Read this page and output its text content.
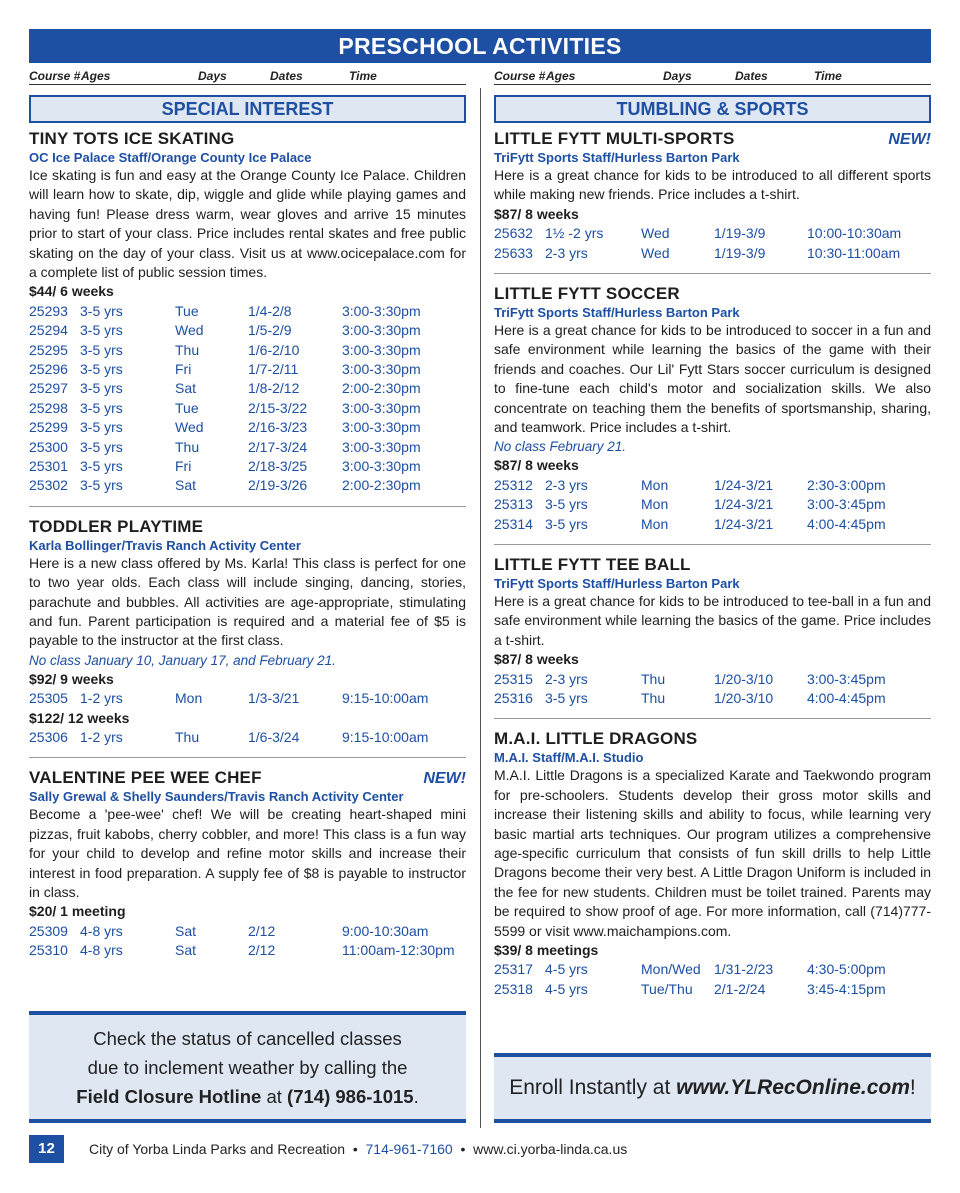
PRESCHOOL ACTIVITIES
Course # Ages	Days	Dates	Time
SPECIAL INTEREST
TINY TOTS ICE SKATING
OC Ice Palace Staff/Orange County Ice Palace
Ice skating is fun and easy at the Orange County Ice Palace. Children will learn how to skate, dip, wiggle and glide while playing games and having fun! Please dress warm, wear gloves and arrive 15 minutes prior to start of your class. Price includes rental skates and free public skating on the day of your class. Visit us at www.ocicepalace.com for a complete list of public session times.
$44/ 6 weeks
25293 3-5 yrs	Tue	1/4-2/8	3:00-3:30pm
25294 3-5 yrs	Wed	1/5-2/9	3:00-3:30pm
25295 3-5 yrs	Thu	1/6-2/10	3:00-3:30pm
25296 3-5 yrs	Fri	1/7-2/11	3:00-3:30pm
25297 3-5 yrs	Sat	1/8-2/12	2:00-2:30pm
25298 3-5 yrs	Tue	2/15-3/22 3:00-3:30pm
25299 3-5 yrs	Wed	2/16-3/23 3:00-3:30pm
25300 3-5 yrs	Thu	2/17-3/24 3:00-3:30pm
25301 3-5 yrs	Fri	2/18-3/25 3:00-3:30pm
25302 3-5 yrs	Sat	2/19-3/26 2:00-2:30pm
TODDLER PLAYTIME
Karla Bollinger/Travis Ranch Activity Center
Here is a new class offered by Ms. Karla! This class is perfect for one to two year olds. Each class will include singing, dancing, stories, parachute and bubbles. All activities are age-appropriate, stimulating and fun. Parent participation is required and a material fee of $5 is payable to the instructor at the first class.
No class January 10, January 17, and February 21.
$92/ 9 weeks
25305 1-2 yrs	Mon	1/3-3/21	9:15-10:00am
$122/ 12 weeks
25306 1-2 yrs	Thu	1/6-3/24	9:15-10:00am
VALENTINE PEE WEE CHEF	NEW!
Sally Grewal & Shelly Saunders/Travis Ranch Activity Center
Become a 'pee-wee' chef! We will be creating heart-shaped mini pizzas, fruit kabobs, cherry cobbler, and more! This class is a fun way for your child to develop and refine motor skills and increase their interest in food preparation. A supply fee of $8 is payable to instructor in class.
$20/ 1 meeting
25309 4-8 yrs	Sat	2/12	9:00-10:30am
25310 4-8 yrs	Sat	2/12	11:00am-12:30pm
Check the status of cancelled classes
due to inclement weather by calling the
Field Closure Hotline at (714) 986-1015.
Course # Ages	Days	Dates	Time
TUMBLING & SPORTS
LITTLE FYTT MULTI-SPORTS	NEW!
TriFytt Sports Staff/Hurless Barton Park
Here is a great chance for kids to be introduced to all different sports while making new friends. Price includes a t-shirt.
$87/ 8 weeks
25632 1½ -2 yrs	Wed	1/19-3/9	10:00-10:30am
25633 2-3 yrs	Wed	1/19-3/9	10:30-11:00am
LITTLE FYTT SOCCER
TriFytt Sports Staff/Hurless Barton Park
Here is a great chance for kids to be introduced to soccer in a fun and safe environment while learning the basics of the game with their friends and coaches. Our Lil' Fytt Stars soccer curriculum is designed to fine-tune each child's motor and socialization skills. We also concentrate on teaching them the benefits of sportsmanship, sharing, and teamwork. Price includes a t-shirt.
No class February 21.
$87/ 8 weeks
25312 2-3 yrs	Mon	1/24-3/21 2:30-3:00pm
25313 3-5 yrs	Mon	1/24-3/21 3:00-3:45pm
25314 3-5 yrs	Mon	1/24-3/21 4:00-4:45pm
LITTLE FYTT TEE BALL
TriFytt Sports Staff/Hurless Barton Park
Here is a great chance for kids to be introduced to tee-ball in a fun and safe environment while learning the basics of the game. Price includes a t-shirt.
$87/ 8 weeks
25315 2-3 yrs	Thu	1/20-3/10 3:00-3:45pm
25316 3-5 yrs	Thu	1/20-3/10 4:00-4:45pm
M.A.I. LITTLE DRAGONS
M.A.I. Staff/M.A.I. Studio
M.A.I. Little Dragons is a specialized Karate and Taekwondo program for pre-schoolers. Students develop their gross motor skills and increase their listening skills and ability to focus, while learning very basic martial arts techniques. Our program utilizes a comprehensive age-specific curriculum that consists of fun skill drills to help Little Dragons become their very best. A Little Dragon Uniform is included in the fee for new students. Children must be toilet trained. Parents may be required to show proof of age. For more information, call (714)777-5599 or visit www.maichampions.com.
$39/ 8 meetings
25317 4-5 yrs	Mon/Wed 1/31-2/23 4:30-5:00pm
25318 4-5 yrs	Tue/Thu 2/1-2/24	3:45-4:15pm
Enroll Instantly at www.YLRecOnline.com!
12	City of Yorba Linda Parks and Recreation • 714-961-7160 • www.ci.yorba-linda.ca.us
